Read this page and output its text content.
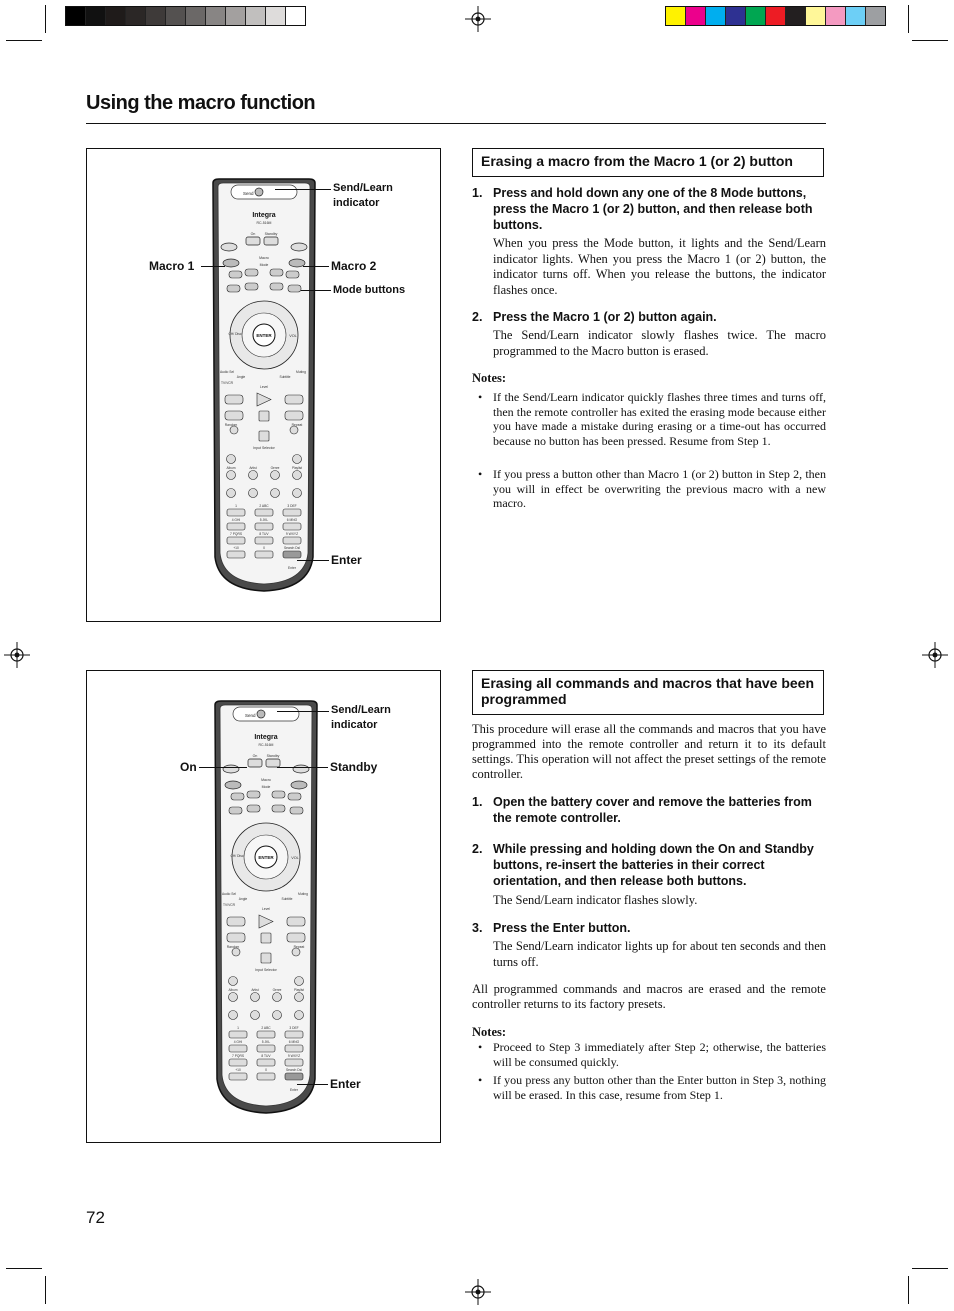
Using the macro function
Send
Integra
RC-516M
On	Standby
Macro
Mode
ENTER
CH/ Disc	VOL
Muting
Audio Sel
Angle	Subtitle
TV/VCR
Level
Random	Repeat
Input Selector
Album	Artist	Genre	Playlist
1	2 ABC	3 DEF
4 GHI	5 JKL	6 MNO
7 PQRS	8 TUV	9 WXYZ
+10	0	Search Dsl
Enter
Send/Learn
indicator
Macro 1	Macro 2
Mode buttons
Enter
Erasing a macro from the Macro 1 (or 2) button
1. Press and hold down any one of the 8 Mode buttons, press the Macro 1 (or 2) button, and then release both buttons.
When you press the Mode button, it lights and the Send/Learn indicator lights. When you press the Macro 1 (or 2) button, the indicator turns off. When you release the buttons, the indicator flashes once.
2. Press the Macro 1 (or 2) button again.
The Send/Learn indicator slowly flashes twice. The macro programmed to the Macro button is erased.
Notes:
• If the Send/Learn indicator quickly flashes three times and turns off, then the remote controller has exited the erasing mode because either you have made a mistake during erasing or a time-out has occurred because no button has been pressed. Resume from Step 1.
• If you press a button other than Macro 1 (or 2) button in Step 2, then you will in effect be overwriting the previous macro with a new macro.
Send
Integra
RC-516M
On	Standby
Macro
Mode
ENTER
CH/ Disc	VOL
Muting
Audio Sel
Angle	Subtitle
TV/VCR
Level
Random	Repeat
Input Selector
Album	Artist	Genre	Playlist
1	2 ABC	3 DEF
4 GHI	5 JKL	6 MNO
7 PQRS	8 TUV	9 WXYZ
+10	0	Search Dsl
Enter
Send/Learn
indicator
On	Standby
Enter
Erasing all commands and macros that have been programmed
This procedure will erase all the commands and macros that you have programmed into the remote controller and return it to its default settings. This operation will not affect the preset settings of the remote controller.
1. Open the battery cover and remove the batteries from the remote controller.
2. While pressing and holding down the On and Standby buttons, re-insert the batteries in their correct orientation, and then release both buttons.
The Send/Learn indicator flashes slowly.
3. Press the Enter button.
The Send/Learn indicator lights up for about ten seconds and then turns off.
All programmed commands and macros are erased and the remote controller returns to its factory presets.
Notes:
• Proceed to Step 3 immediately after Step 2; otherwise, the batteries will be consumed quickly.
• If you press any button other than the Enter button in Step 3, nothing will be erased. In this case, resume from Step 1.
72
